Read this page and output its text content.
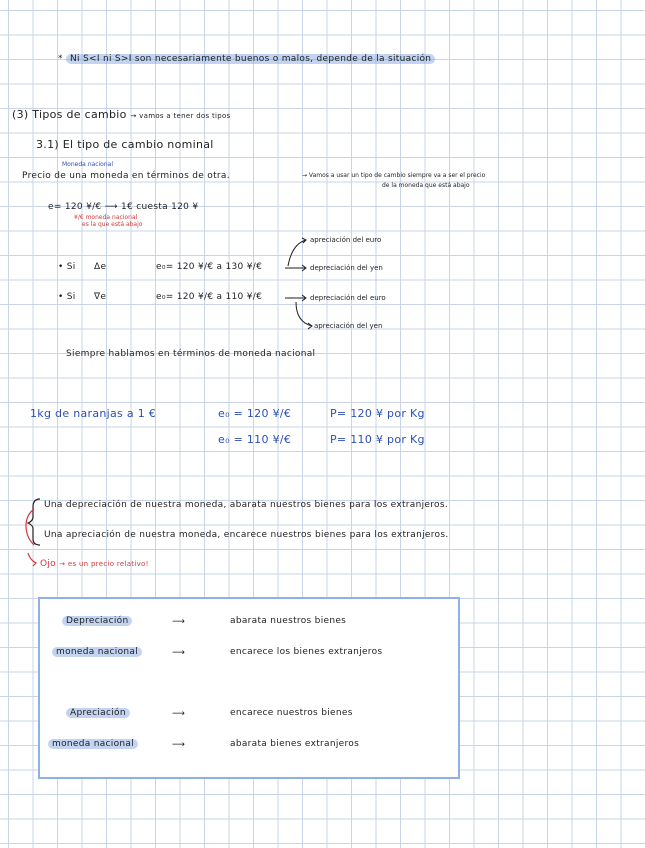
* Ni S<I ni S>I son necesariamente buenos o malos, depende de la situación
(3) Tipos de cambio → vamos a tener dos tipos
3.1) El tipo de cambio nominal
Moneda nacional
Precio de una moneda en términos de otra.	→ Vamos a usar un tipo de cambio siempre va a ser el precio
de la moneda que está abajo
e= 120 ¥/€ ⟶ 1€ cuesta 120 ¥
¥/€ moneda nacional
es la que está abajo
apreciación del euro
• Si Δe	e₀= 120 ¥/€ a 130 ¥/€	depreciación del yen
• Si ∇e	e₀= 120 ¥/€ a 110 ¥/€	depreciación del euro
apreciación del yen
Siempre hablamos en términos de moneda nacional
1kg de naranjas a 1 €	e₀ = 120 ¥/€	P= 120 ¥ por Kg
e₀ = 110 ¥/€	P= 110 ¥ por Kg
Una depreciación de nuestra moneda, abarata nuestros bienes para los extranjeros.
Una apreciación de nuestra moneda, encarece nuestros bienes para los extranjeros.
Ojo → es un precio relativo!
Depreciación	⟶	abarata nuestros bienes
moneda nacional	⟶	encarece los bienes extranjeros
Apreciación	⟶	encarece nuestros bienes
moneda nacional	⟶	abarata bienes extranjeros
